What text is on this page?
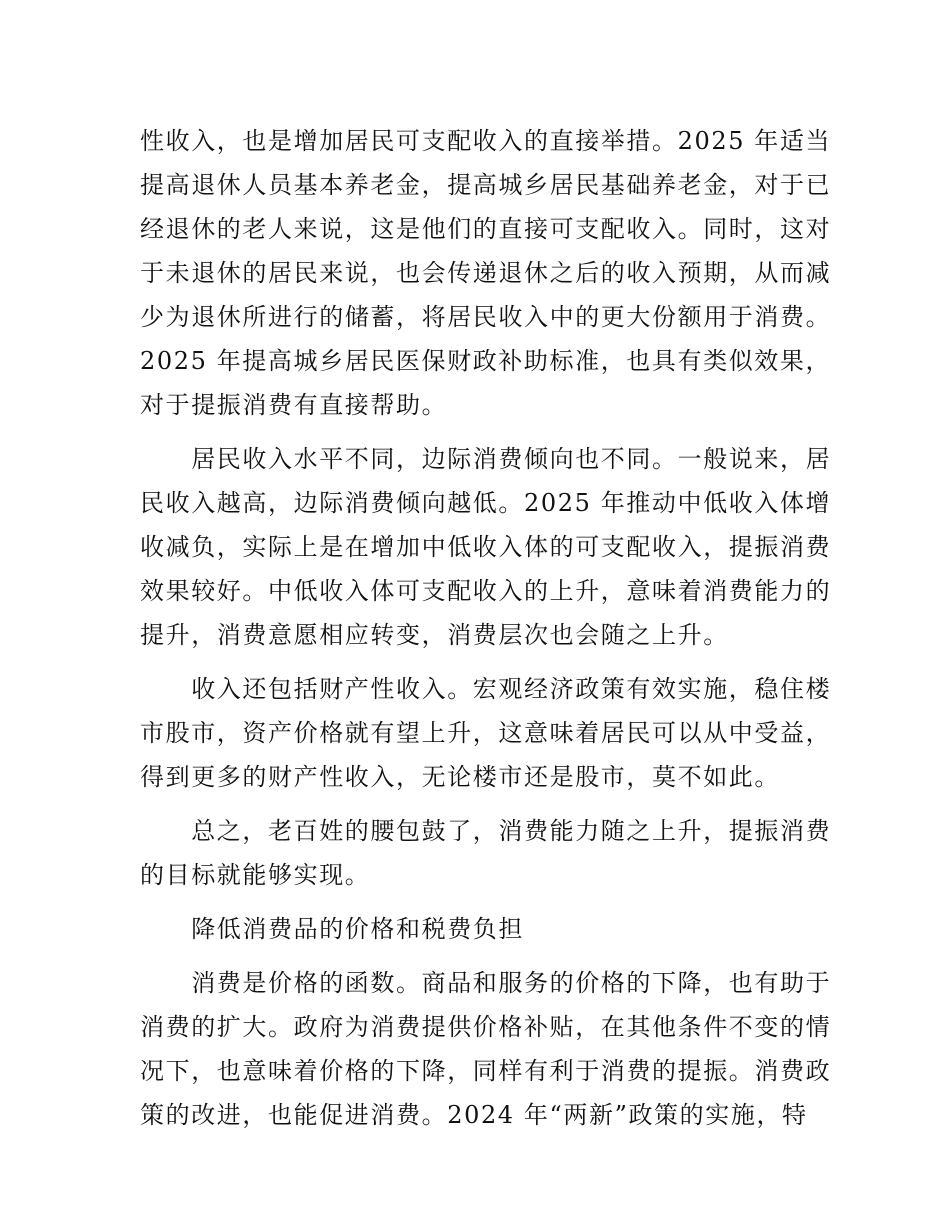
性收入，也是增加居民可支配收入的直接举措。2025 年适当
提高退休人员基本养老金，提高城乡居民基础养老金，对于已
经退休的老人来说，这是他们的直接可支配收入。同时，这对
于未退休的居民来说，也会传递退休之后的收入预期，从而减
少为退休所进行的储蓄，将居民收入中的更大份额用于消费。
2025 年提高城乡居民医保财政补助标准，也具有类似效果，
对于提振消费有直接帮助。
　　居民收入水平不同，边际消费倾向也不同。一般说来，居
民收入越高，边际消费倾向越低。2025 年推动中低收入体增
收减负，实际上是在增加中低收入体的可支配收入，提振消费
效果较好。中低收入体可支配收入的上升，意味着消费能力的
提升，消费意愿相应转变，消费层次也会随之上升。
　　收入还包括财产性收入。宏观经济政策有效实施，稳住楼
市股市，资产价格就有望上升，这意味着居民可以从中受益，
得到更多的财产性收入，无论楼市还是股市，莫不如此。
　　总之，老百姓的腰包鼓了，消费能力随之上升，提振消费
的目标就能够实现。
　　降低消费品的价格和税费负担
　　消费是价格的函数。商品和服务的价格的下降，也有助于
消费的扩大。政府为消费提供价格补贴，在其他条件不变的情
况下，也意味着价格的下降，同样有利于消费的提振。消费政
策的改进，也能促进消费。2024 年“两新”政策的实施，特
